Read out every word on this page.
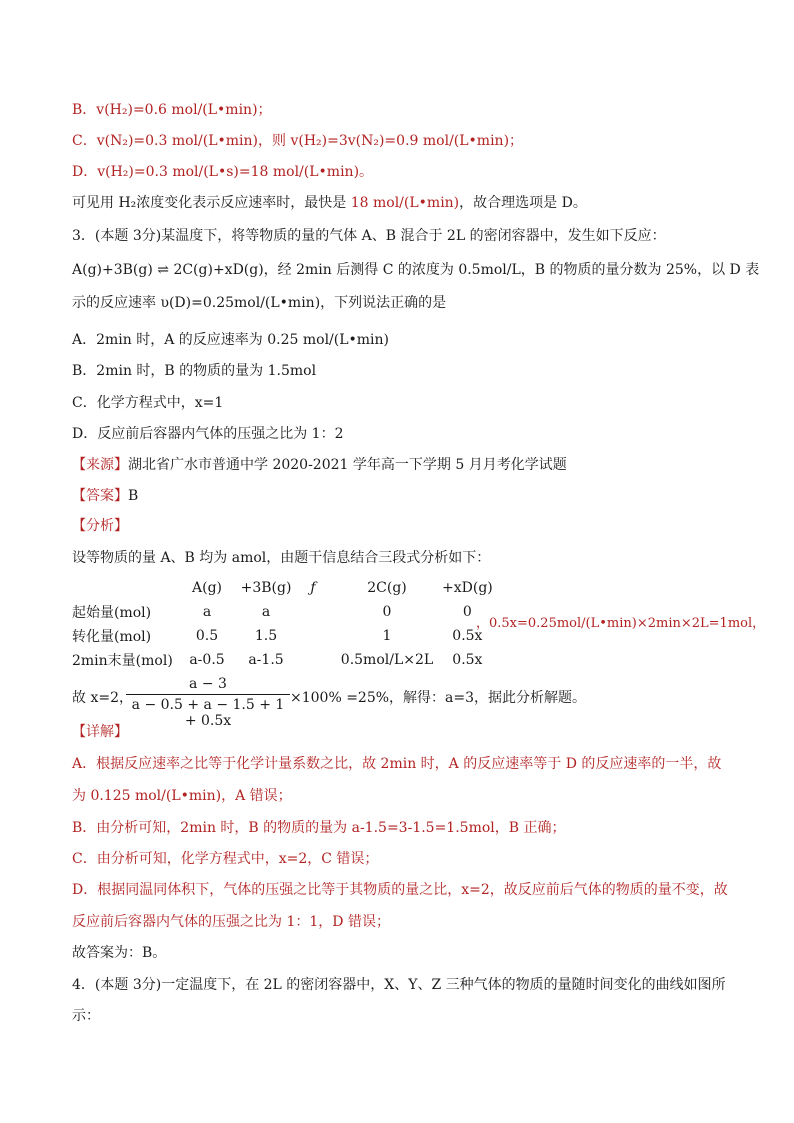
B．v(H₂)=0.6 mol/(L•min)；
C．v(N₂)=0.3 mol/(L•min)，则 v(H₂)=3v(N₂)=0.9 mol/(L•min)；
D．v(H₂)=0.3 mol/(L•s)=18 mol/(L•min)。
可见用 H₂浓度变化表示反应速率时，最快是 18 mol/(L•min)，故合理选项是 D。
3．(本题 3分)某温度下，将等物质的量的气体 A、B 混合于 2L 的密闭容器中，发生如下反应：
A(g)+3B(g) ⇌ 2C(g)+xD(g)，经 2min 后测得 C 的浓度为 0.5mol/L，B 的物质的量分数为 25%，以 D 表
示的反应速率 υ(D)=0.25mol/(L•min)，下列说法正确的是
A．2min 时，A 的反应速率为 0.25 mol/(L•min)
B．2min 时，B 的物质的量为 1.5mol
C．化学方程式中，x=1
D．反应前后容器内气体的压强之比为 1：2
【来源】湖北省广水市普通中学 2020-2021 学年高一下学期 5 月月考化学试题
【答案】B
【分析】
设等物质的量 A、B 均为 amol，由题干信息结合三段式分析如下：
	A(g)	+3B(g)	ƒ	2C(g)	+xD(g)
起始量(mol)	a	a		0	0
转化量(mol)	0.5	1.5		1	0.5x
2min末量(mol)	a-0.5	a-1.5		0.5mol/L×2L	0.5x
，0.5x=0.25mol/(L•min)×2min×2L=1mol，
故 x=2，
$\frac{a - 3}{a - 0.5 + a - 1.5 + 1 + 0.5x} \times 100\% =25\%$，解得：a=3，据此分析解题。
【详解】
A．根据反应速率之比等于化学计量系数之比，故 2min 时，A 的反应速率等于 D 的反应速率的一半，故
为 0.125 mol/(L•min)，A 错误；
B．由分析可知，2min 时，B 的物质的量为 a-1.5=3-1.5=1.5mol，B 正确；
C．由分析可知，化学方程式中，x=2，C 错误；
D．根据同温同体积下，气体的压强之比等于其物质的量之比，x=2，故反应前后气体的物质的量不变，故
反应前后容器内气体的压强之比为 1：1，D 错误；
故答案为：B。
4．(本题 3分)一定温度下，在 2L 的密闭容器中，X、Y、Z 三种气体的物质的量随时间变化的曲线如图所
示：
